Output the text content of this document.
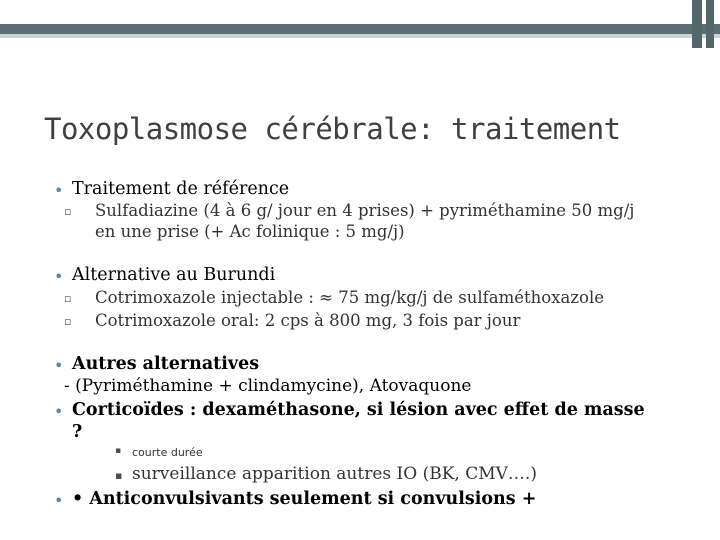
Toxoplasmose cérébrale: traitement
• Traitement de référence
▫ Sulfadiazine (4 à 6 g/ jour en 4 prises) + pyriméthamine 50 mg/j
en une prise (+ Ac folinique : 5 mg/j)
• Alternative au Burundi
▫ Cotrimoxazole injectable : ≈ 75 mg/kg/j de sulfaméthoxazole
▫ Cotrimoxazole oral: 2 cps à 800 mg, 3 fois par jour
• Autres alternatives
- (Pyriméthamine + clindamycine), Atovaquone
• Corticoïdes : dexaméthasone, si lésion avec effet de masse
?
▪ courte durée
▪ surveillance apparition autres IO (BK, CMV….)
• • Anticonvulsivants seulement si convulsions +
